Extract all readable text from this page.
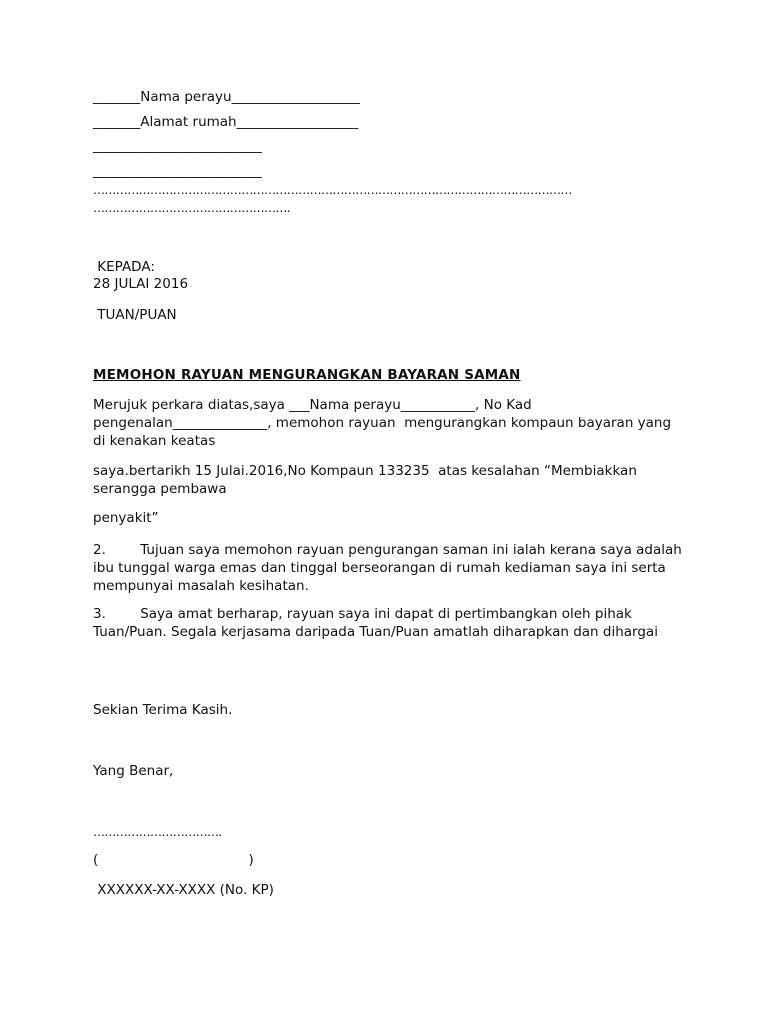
_______Nama perayu___________________
_______Alamat rumah__________________
_________________________
_________________________
………………………………………………………………………………………………………………
…………………………………………….
KEPADA:
28 JULAI 2016
TUAN/PUAN
MEMOHON RAYUAN MENGURANGKAN BAYARAN SAMAN
Merujuk perkara diatas,saya ___Nama perayu___________, No Kad pengenalan______________, memohon rayuan  mengurangkan kompaun bayaran yang di kenakan keatas
saya.bertarikh 15 Julai.2016,No Kompaun 133235  atas kesalahan “Membiakkan serangga pembawa
penyakit”
2.        Tujuan saya memohon rayuan pengurangan saman ini ialah kerana saya adalah ibu tunggal warga emas dan tinggal berseorangan di rumah kediaman saya ini serta mempunyai masalah kesihatan.
3.        Saya amat berharap, rayuan saya ini dapat di pertimbangkan oleh pihak Tuan/Puan. Segala kerjasama daripada Tuan/Puan amatlah diharapkan dan dihargai
Sekian Terima Kasih.
Yang Benar,
…………………………….
(                                   )
XXXXXX-XX-XXXX (No. KP)
